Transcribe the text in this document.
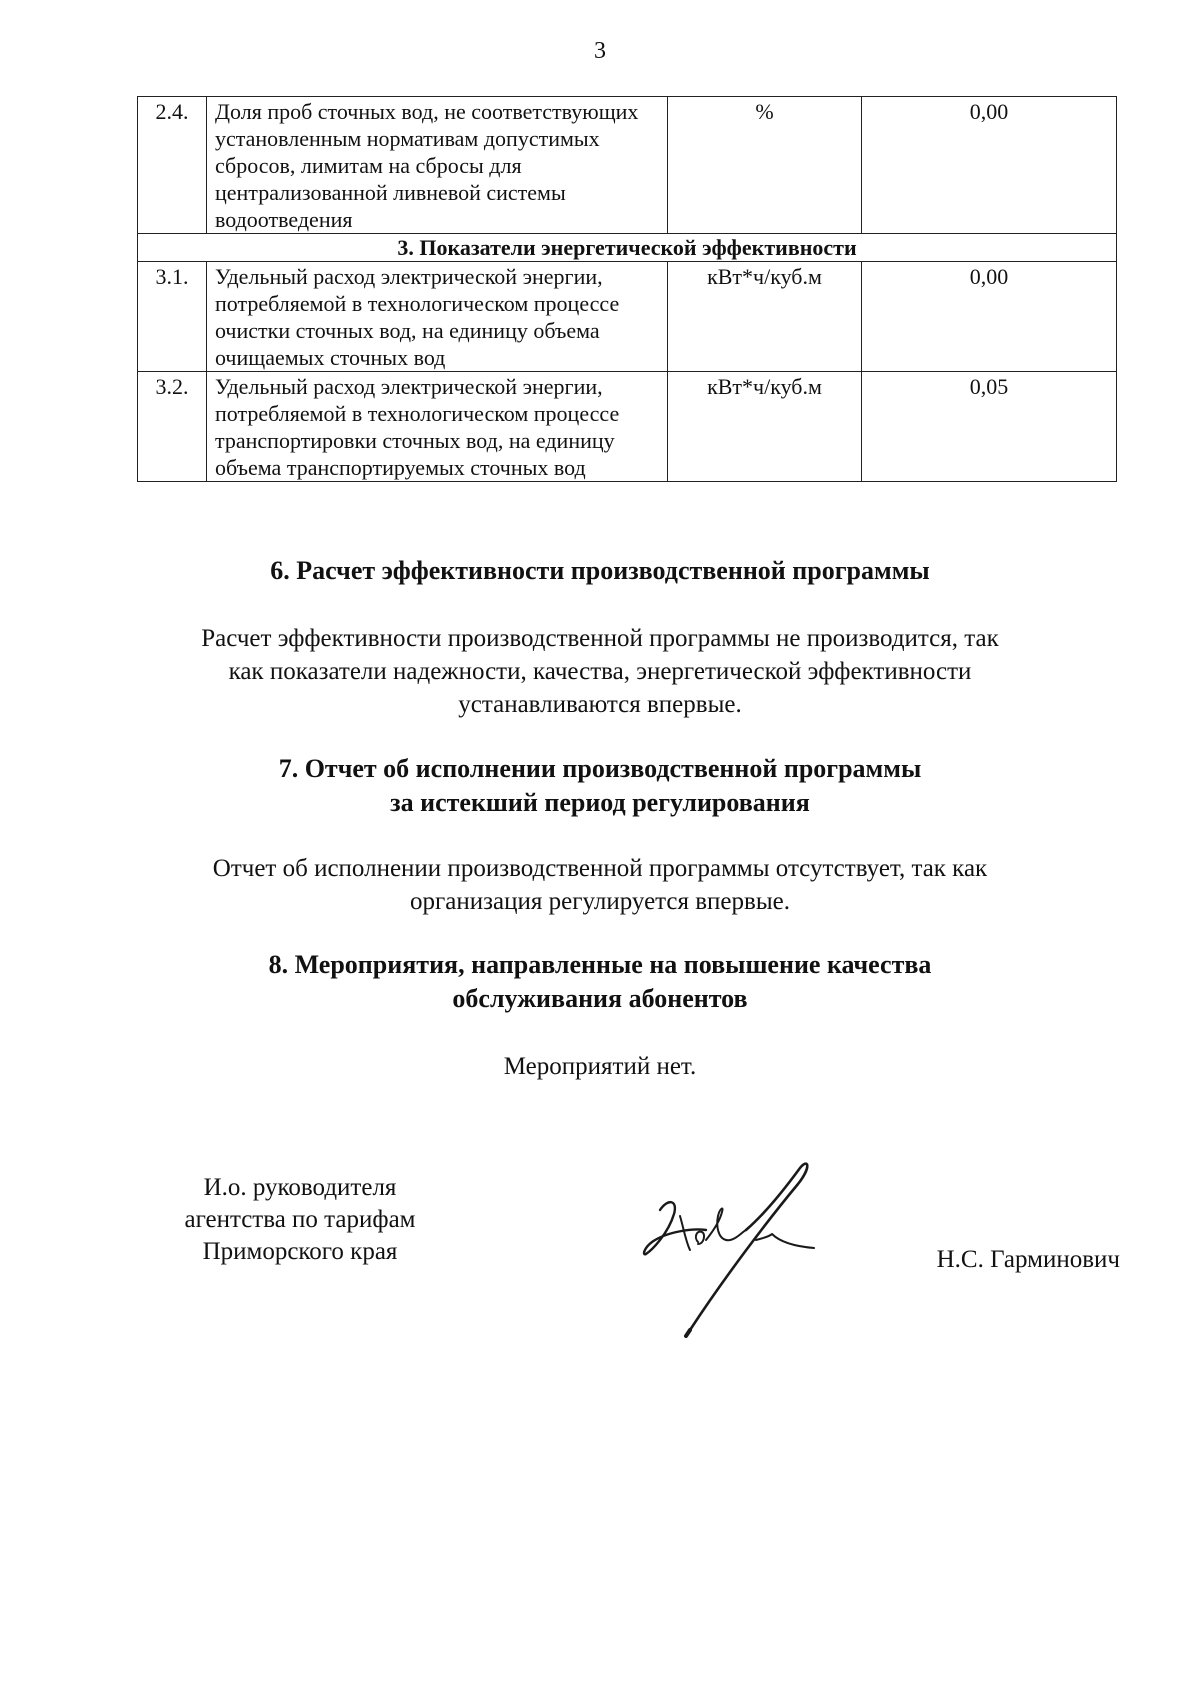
3
2.4.	Доля проб сточных вод, не соответствующих установленным нормативам допустимых сбросов, лимитам на сбросы для централизованной ливневой системы водоотведения	%	0,00
3. Показатели энергетической эффективности			
3.1.	Удельный расход электрической энергии, потребляемой в технологическом процессе очистки сточных вод, на единицу объема очищаемых сточных вод	кВт*ч/куб.м	0,00
3.2.	Удельный расход электрической энергии, потребляемой в технологическом процессе транспортировки сточных вод, на единицу объема транспортируемых сточных вод	кВт*ч/куб.м	0,05
6. Расчет эффективности производственной программы
Расчет эффективности производственной программы не производится, так
как показатели надежности, качества, энергетической эффективности
устанавливаются впервые.
7. Отчет об исполнении производственной программы
за истекший период регулирования
Отчет об исполнении производственной программы отсутствует, так как
организация регулируется впервые.
8. Мероприятия, направленные на повышение качества
обслуживания абонентов
Мероприятий нет.
И.о. руководителя
агентства по тарифам
Приморского края	Н.С. Гарминович
